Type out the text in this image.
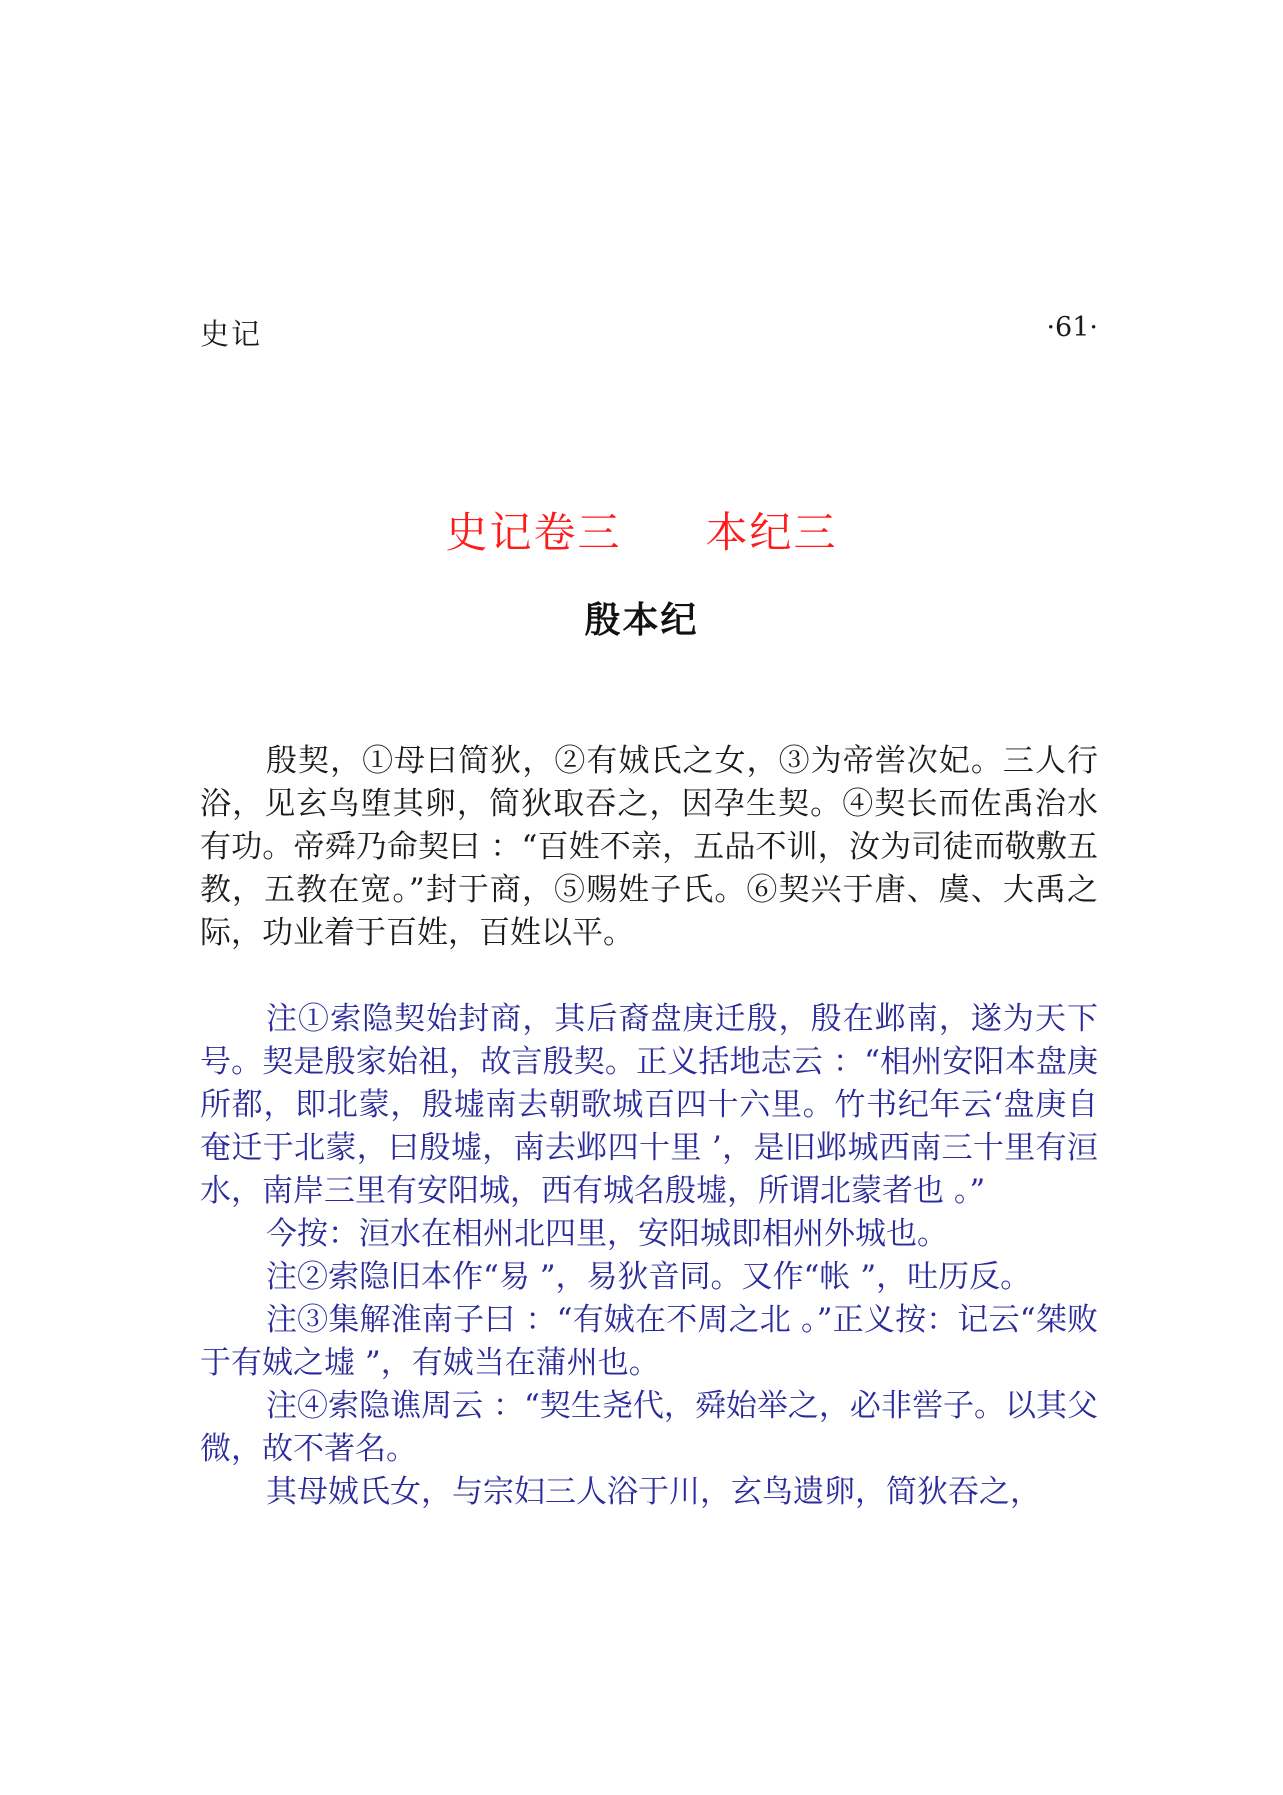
史记	·61·
史记卷三 本纪三
殷本纪

殷契，①母曰简狄，②有娀氏之女，③为帝喾次妃。三人行浴，见玄鸟堕其卵，简狄取吞之，因孕生契。④契长而佐禹治水有功。帝舜乃命契曰 ：“百姓不亲，五品不训，汝为司徒而敬敷五教，五教在宽。”封于商，⑤赐姓子氏。⑥契兴于唐、虞、大禹之际，功业着于百姓，百姓以平。

注①索隐契始封商，其后裔盘庚迁殷，殷在邺南，遂为天下号。契是殷家始祖，故言殷契。正义括地志云 ：“相州安阳本盘庚所都，即北蒙，殷墟南去朝歌城百四十六里。竹书纪年云‘盘庚自奄迁于北蒙，曰殷墟，南去邺四十里 ’，是旧邺城西南三十里有洹水，南岸三里有安阳城，西有城名殷墟，所谓北蒙者也 。”

今按：洹水在相州北四里，安阳城即相州外城也。

注②索隐旧本作“易 ”，易狄音同。又作“帐 ”，吐历反。

注③集解淮南子曰 ：“有娀在不周之北 。”正义按：记云“桀败于有娀之墟 ”，有娀当在蒲州也。

注④索隐谯周云 ：“契生尧代，舜始举之，必非喾子。以其父微，故不著名。

其母娀氏女，与宗妇三人浴于川，玄鸟遗卵，简狄吞之，
